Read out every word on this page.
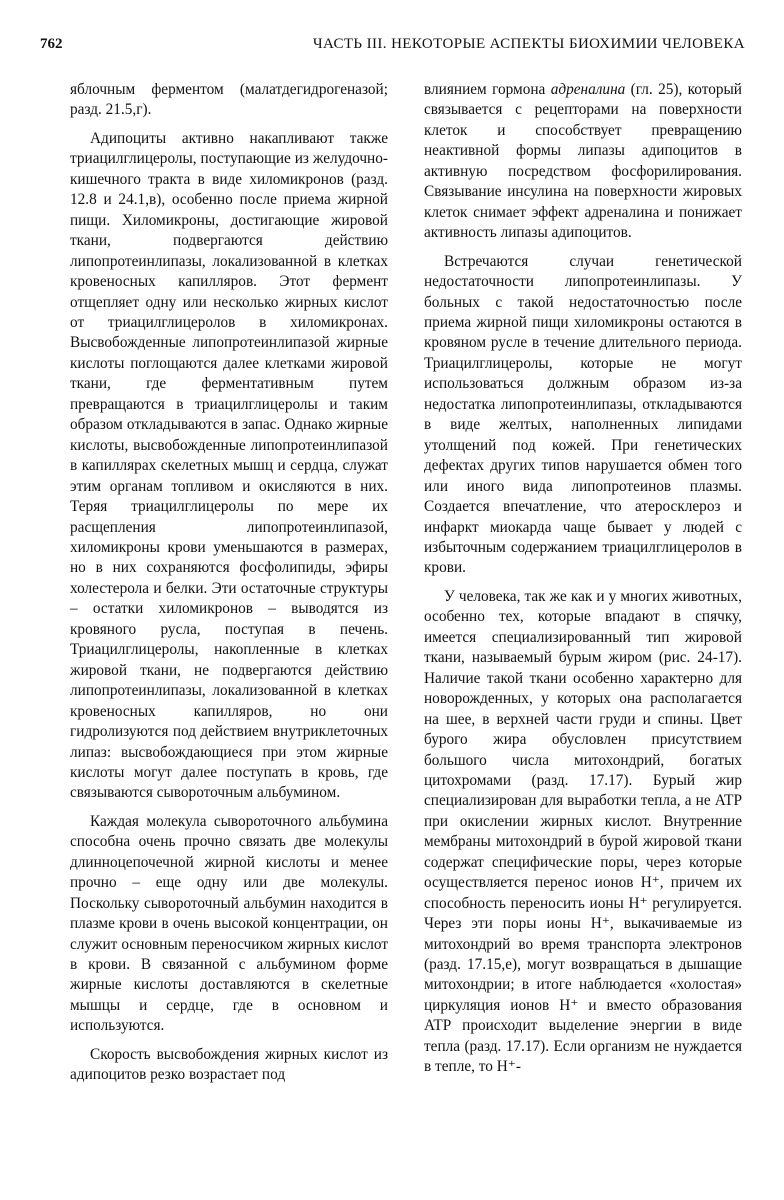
762	ЧАСТЬ III. НЕКОТОРЫЕ АСПЕКТЫ БИОХИМИИ ЧЕЛОВЕКА

яблочным ферментом (малатдегидрогеназой; разд. 21.5,г).

Адипоциты активно накапливают также триацилглицеролы, поступающие из желудочно-кишечного тракта в виде хиломикронов (разд. 12.8 и 24.1,в), особенно после приема жирной пищи. Хиломикроны, достигающие жировой ткани, подвергаются действию липопротеинлипазы, локализованной в клетках кровеносных капилляров. Этот фермент отщепляет одну или несколько жирных кислот от триацилглицеролов в хиломикронах. Высвобожденные липопротеинлипазой жирные кислоты поглощаются далее клетками жировой ткани, где ферментативным путем превращаются в триацилглицеролы и таким образом откладываются в запас. Однако жирные кислоты, высвобожденные липопротеинлипазой в капиллярах скелетных мышц и сердца, служат этим органам топливом и окисляются в них. Теряя триацилглицеролы по мере их расщепления липопротеинлипазой, хиломикроны крови уменьшаются в размерах, но в них сохраняются фосфолипиды, эфиры холестерола и белки. Эти остаточные структуры – остатки хиломикронов – выводятся из кровяного русла, поступая в печень. Триацилглицеролы, накопленные в клетках жировой ткани, не подвергаются действию липопротеинлипазы, локализованной в клетках кровеносных капилляров, но они гидролизуются под действием внутриклеточных липаз: высвобождающиеся при этом жирные кислоты могут далее поступать в кровь, где связываются сывороточным альбумином.

Каждая молекула сывороточного альбумина способна очень прочно связать две молекулы длинноцепочечной жирной кислоты и менее прочно – еще одну или две молекулы. Поскольку сывороточный альбумин находится в плазме крови в очень высокой концентрации, он служит основным переносчиком жирных кислот в крови. В связанной с альбумином форме жирные кислоты доставляются в скелетные мышцы и сердце, где в основном и используются.

Скорость высвобождения жирных кислот из адипоцитов резко возрастает под

влиянием гормона адреналина (гл. 25), который связывается с рецепторами на поверхности клеток и способствует превращению неактивной формы липазы адипоцитов в активную посредством фосфорилирования. Связывание инсулина на поверхности жировых клеток снимает эффект адреналина и понижает активность липазы адипоцитов.

Встречаются случаи генетической недостаточности липопротеинлипазы. У больных с такой недостаточностью после приема жирной пищи хиломикроны остаются в кровяном русле в течение длительного периода. Триацилглицеролы, которые не могут использоваться должным образом из-за недостатка липопротеинлипазы, откладываются в виде желтых, наполненных липидами утолщений под кожей. При генетических дефектах других типов нарушается обмен того или иного вида липопротеинов плазмы. Создается впечатление, что атеросклероз и инфаркт миокарда чаще бывает у людей с избыточным содержанием триацилглицеролов в крови.

У человека, так же как и у многих животных, особенно тех, которые впадают в спячку, имеется специализированный тип жировой ткани, называемый бурым жиром (рис. 24-17). Наличие такой ткани особенно характерно для новорожденных, у которых она располагается на шее, в верхней части груди и спины. Цвет бурого жира обусловлен присутствием большого числа митохондрий, богатых цитохромами (разд. 17.17). Бурый жир специализирован для выработки тепла, а не ATP при окислении жирных кислот. Внутренние мембраны митохондрий в бурой жировой ткани содержат специфические поры, через которые осуществляется перенос ионов H⁺, причем их способность переносить ионы H⁺ регулируется. Через эти поры ионы H⁺, выкачиваемые из митохондрий во время транспорта электронов (разд. 17.15,е), могут возвращаться в дышащие митохондрии; в итоге наблюдается «холостая» циркуляция ионов H⁺ и вместо образования ATP происходит выделение энергии в виде тепла (разд. 17.17). Если организм не нуждается в тепле, то H⁺-
